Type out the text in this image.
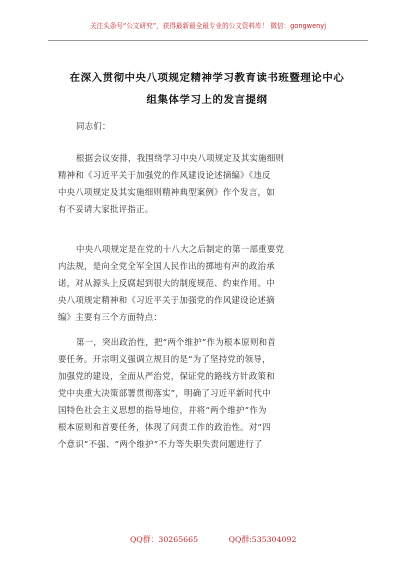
关注头条号“公文研究”，获得最新最全最专业的公文资料库！ 微信：gongwenyj
在深入贯彻中央八项规定精神学习教育读书班暨理论中心
组集体学习上的发言提纲
同志们：
根据会议安排，我围绕学习中央八项规定及其实施细则
精神和《习近平关于加强党的作风建设论述摘编》《违反
中央八项规定及其实施细则精神典型案例》作个发言，如
有不妥请大家批评指正。
中央八项规定是在党的十八大之后制定的第一部重要党
内法规，是向全党全军全国人民作出的掷地有声的政治承
诺，对从源头上反腐起到很大的制度规范、约束作用。中
央八项规定精神和《习近平关于加强党的作风建设论述摘
编》主要有三个方面特点：
第一，突出政治性，把“两个维护”作为根本原则和首
要任务。开宗明义强调立规目的是“为了坚持党的领导，
加强党的建设，全面从严治党，保证党的路线方针政策和
党中央重大决策部署贯彻落实”，明确了习近平新时代中
国特色社会主义思想的指导地位，并将“两个维护”作为
根本原则和首要任务，体现了问责工作的政治性。对“四
个意识”不强、“两个维护”不力等失职失责问题进行了
QQ群：30265665	QQ群:535304092
